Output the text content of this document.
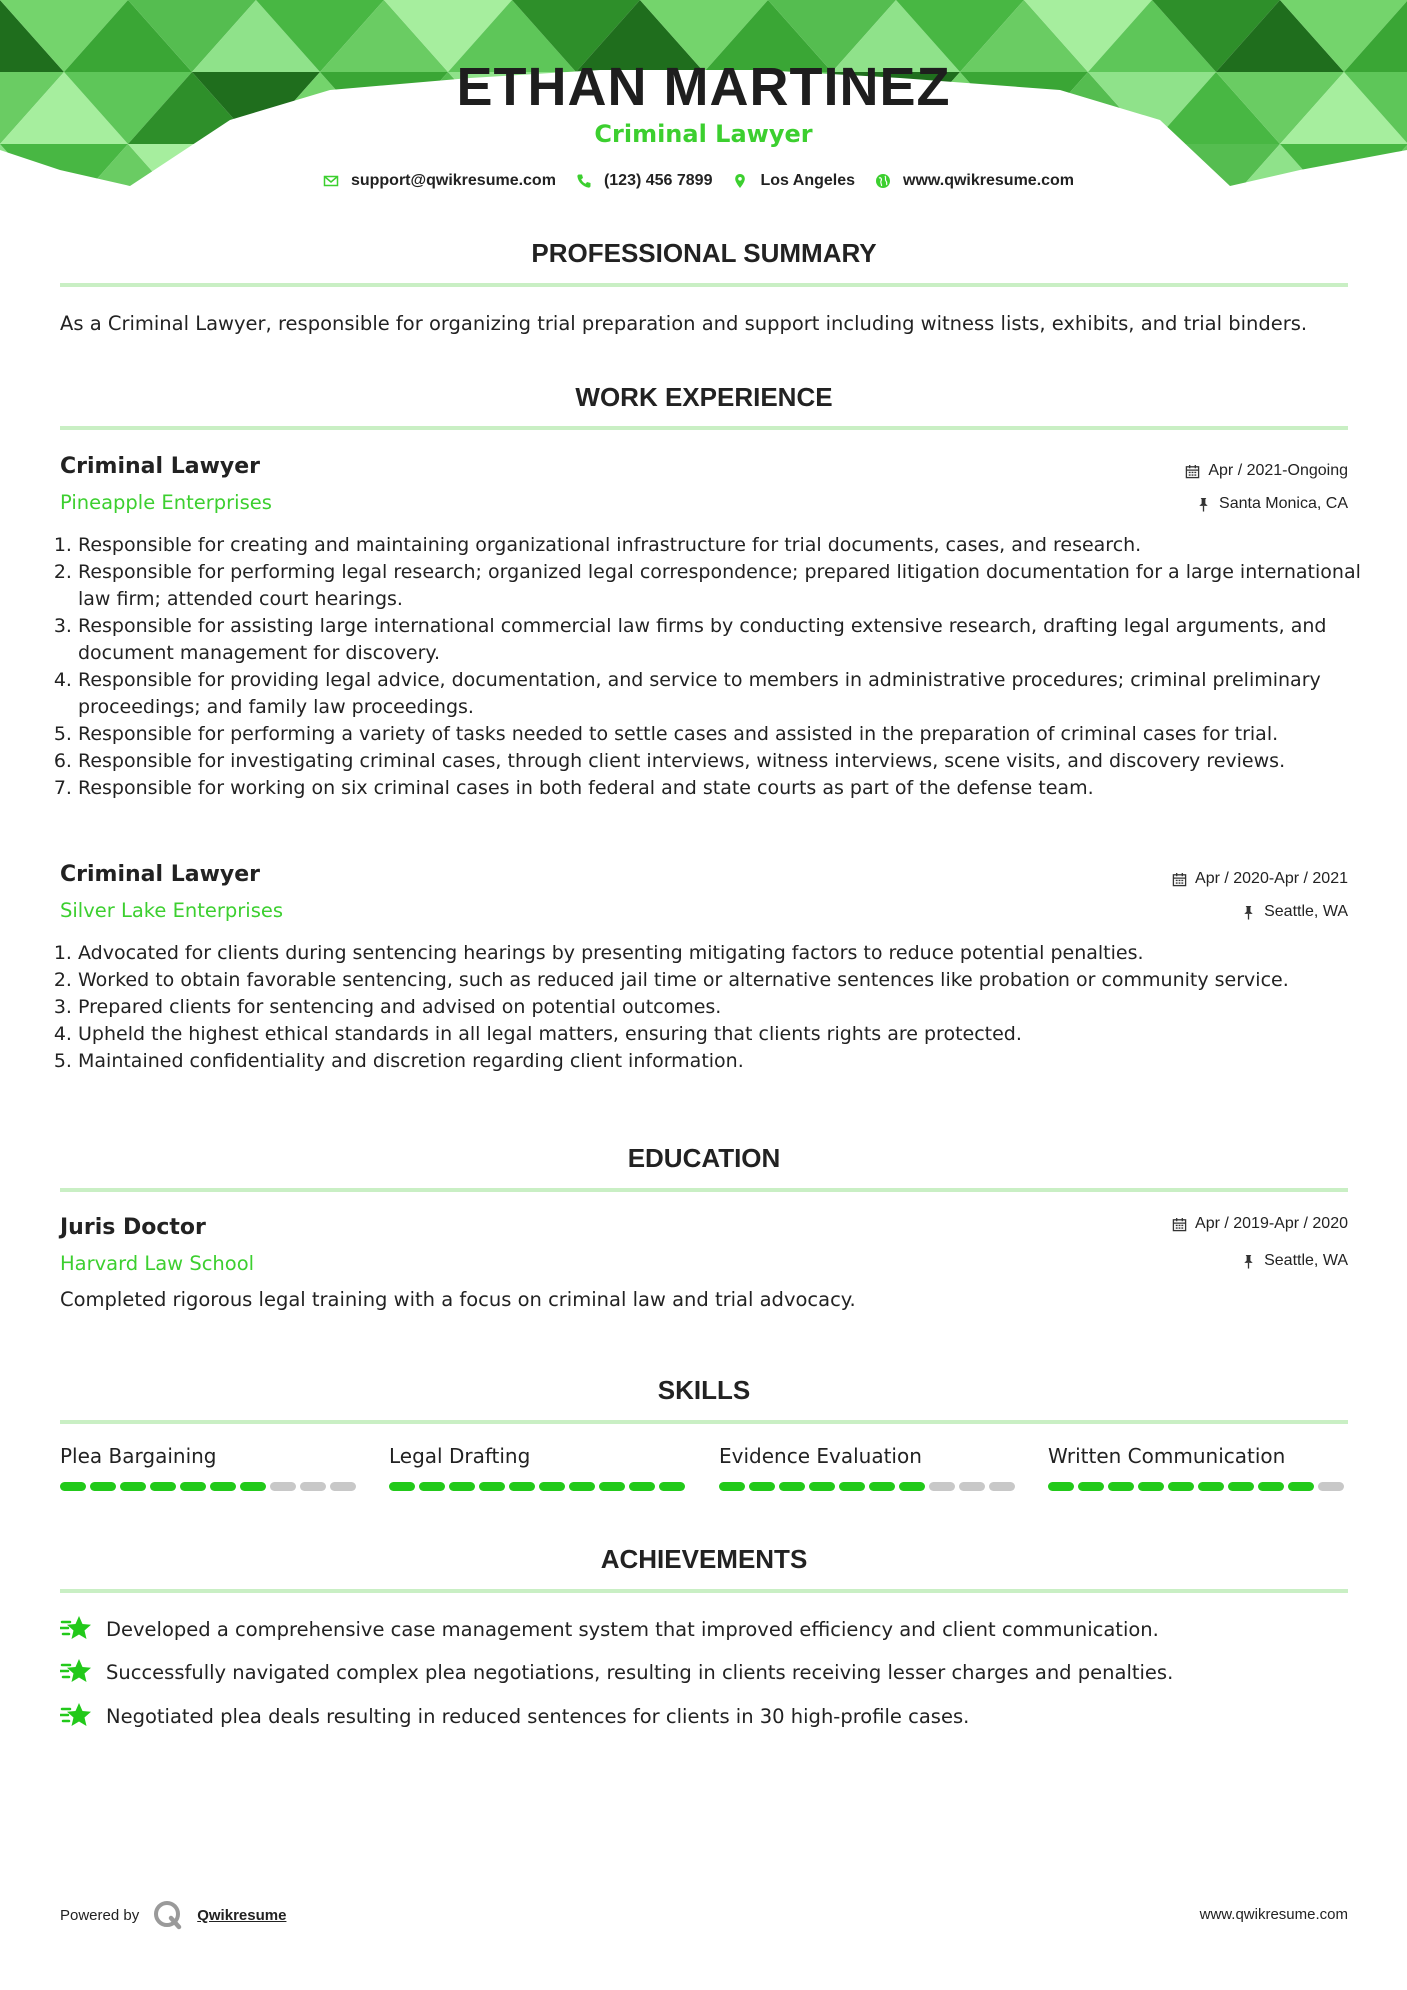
ETHAN MARTINEZ
Criminal Lawyer
support@qwikresume.com	(123) 456 7899	Los Angeles	www.qwikresume.com
PROFESSIONAL SUMMARY

As a Criminal Lawyer, responsible for organizing trial preparation and support including witness lists, exhibits, and trial binders.

WORK EXPERIENCE
Criminal Lawyer
Pineapple Enterprises
Apr / 2021-Ongoing
Santa Monica, CA
1. Responsible for creating and maintaining organizational infrastructure for trial documents, cases, and research.
2. Responsible for performing legal research; organized legal correspondence; prepared litigation documentation for a large international law firm; attended court hearings.
3. Responsible for assisting large international commercial law firms by conducting extensive research, drafting legal arguments, and document management for discovery.
4. Responsible for providing legal advice, documentation, and service to members in administrative procedures; criminal preliminary proceedings; and family law proceedings.
5. Responsible for performing a variety of tasks needed to settle cases and assisted in the preparation of criminal cases for trial.
6. Responsible for investigating criminal cases, through client interviews, witness interviews, scene visits, and discovery reviews.
7. Responsible for working on six criminal cases in both federal and state courts as part of the defense team.
Criminal Lawyer
Silver Lake Enterprises
Apr / 2020-Apr / 2021
Seattle, WA
1. Advocated for clients during sentencing hearings by presenting mitigating factors to reduce potential penalties.
2. Worked to obtain favorable sentencing, such as reduced jail time or alternative sentences like probation or community service.
3. Prepared clients for sentencing and advised on potential outcomes.
4. Upheld the highest ethical standards in all legal matters, ensuring that clients rights are protected.
5. Maintained confidentiality and discretion regarding client information.
EDUCATION
Juris Doctor
Harvard Law School
Apr / 2019-Apr / 2020
Seattle, WA

Completed rigorous legal training with a focus on criminal law and trial advocacy.

SKILLS
Plea Bargaining	Legal Drafting	Evidence Evaluation	Written Communication
ACHIEVEMENTS
Developed a comprehensive case management system that improved efficiency and client communication.
Successfully navigated complex plea negotiations, resulting in clients receiving lesser charges and penalties.
Negotiated plea deals resulting in reduced sentences for clients in 30 high-profile cases.
Powered by	Qwikresume	www.qwikresume.com
